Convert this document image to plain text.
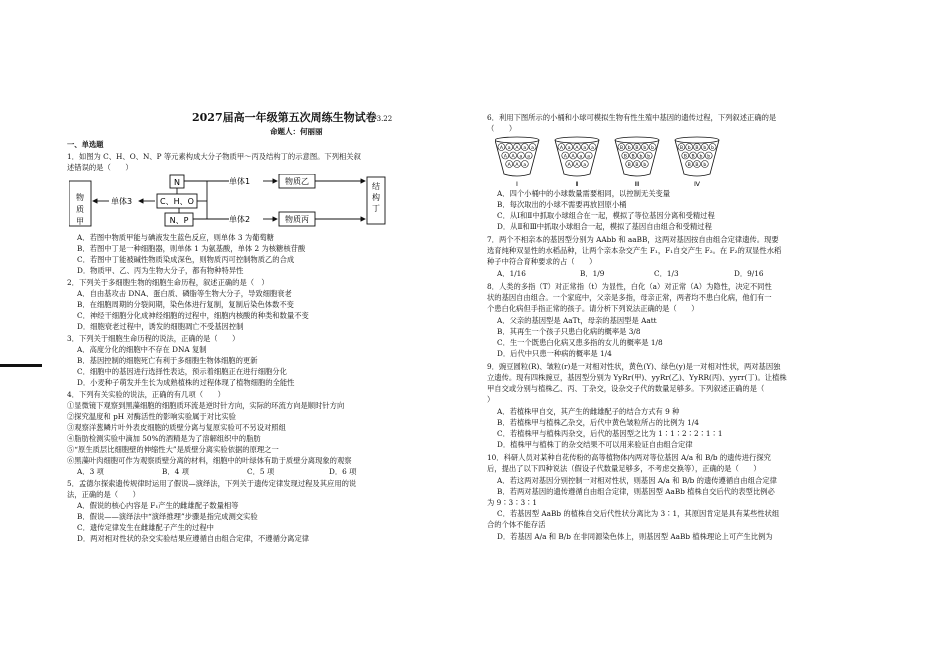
2027届高一年级第五次周练生物试卷3.22
命题人：何丽丽
一、单选题
1．如图为 C、H、O、N、P 等元素构成大分子物质甲～丙及结构丁的示意图。下列相关叙
述错误的是（　　）
物
质
甲
单体3	C、H、O
N
N、P
单体1
单体2
物质乙
物质丙
结
构
丁
A．若图中物质甲能与碘液发生蓝色反应，则单体 3 为葡萄糖
B．若图中丁是一种细胞器，则单体 1 为氨基酸，单体 2 为核糖核苷酸
C．若图中丁能被碱性物质染成深色，则物质丙可控制物质乙的合成
D．物质甲、乙、丙为生物大分子，都有物种特异性
2．下列关于多细胞生物的细胞生命历程，叙述正确的是（　）
A．自由基攻击 DNA、蛋白质、磷脂等生物大分子，导致细胞衰老
B．在细胞周期的分裂间期，染色体进行复制，复制后染色体数不变
C．神经干细胞分化成神经细胞的过程中，细胞内核酸的种类和数量不变
D．细胞衰老过程中，诱发的细胞凋亡不受基因控制
3．下列关于细胞生命历程的说法，正确的是（　　）
A．高度分化的细胞中不存在 DNA 复制
B．基因控制的细胞死亡有利于多细胞生物体细胞的更新
C．细胞中的基因进行选择性表达，预示着细胞正在进行细胞分化
D．小麦种子萌发并生长为成熟植株的过程体现了植物细胞的全能性
4．下列有关实验的说法，正确的有几项（　　）
①显微镜下观察到黑藻细胞的细胞质环流是逆时针方向，实际的环流方向是顺时针方向
②探究温度和 pH 对酶活性的影响实验属于对比实验
③观察洋葱鳞片叶外表皮细胞的质壁分离与复原实验可不另设对照组
④脂肪检测实验中滴加 50%的酒精是为了溶解组织中的脂肪
⑤“原生质层比细胞壁的伸缩性大”是质壁分离实验依据的原理之一
⑥黑藻叶肉细胞可作为观察质壁分离的材料，细胞中的叶绿体有助于质壁分离现象的观察
A．3 项	B．4 项	C．5 项	D．6 项
5．孟德尔探索遗传规律时运用了假说—演绎法，下列关于遗传定律发现过程及其应用的说
法，正确的是（　　）
A．假说的核心内容是 F₁产生的雌雄配子数量相等
B．假说——演绎法中“演绎推理”步骤是指完成测交实验
C．遗传定律发生在雌雄配子产生的过程中
D．两对相对性状的杂交实验结果应遵循自由组合定律，不遵循分离定律
6．利用下图所示的小桶和小球可模拟生物有性生殖中基因的遗传过程，下列叙述正确的是
（　　）
A a A a a
A A a a
A A a
Ⅰ
A a A a a
A A a a
A A a
Ⅱ
B b B b b
B B b b
B B b
Ⅲ
B b B b b
B B b b
B B b
Ⅳ
A．四个小桶中的小球数量需要相同，以控制无关变量
B．每次取出的小球不需要再放回原小桶
C．从Ⅰ和Ⅱ中抓取小球组合在一起，模拟了等位基因分离和受精过程
D．从Ⅱ和Ⅲ中抓取小球组合一起，模拟了基因自由组合和受精过程
7．两个不相亲本的基因型分别为 AAbb 和 aaBB，这两对基因按自由组合定律遗传。现要
选育纯种双显性的水稻品种，让两个亲本杂交产生 F₁，F₁自交产生 F₂。在 F₂的双显性水稻
种子中符合育种要求的占（　　）
A．1/16	B．1/9	C．1/3	D．9/16
8．人类的多指（T）对正常指（t）为显性，白化（a）对正常（A）为隐性，决定不同性
状的基因自由组合。一个家庭中，父亲是多指，母亲正常，两者均不患白化病，他们有一
个患白化病但手指正常的孩子。请分析下列说法正确的是（　　）
A．父亲的基因型是 AaTt，母亲的基因型是 Aatt
B．其再生一个孩子只患白化病的概率是 3/8
C．生一个既患白化病又患多指的女儿的概率是 1/8
D．后代中只患一种病的概率是 1/4
9．豌豆圆粒(R)、皱粒(r)是一对相对性状，黄色(Y)、绿色(y)是一对相对性状，两对基因独
立遗传。现有四株豌豆，基因型分别为 YyRr(甲)、yyRr(乙)、YyRR(丙)、yyrr(丁)。让植株
甲自交或分别与植株乙、丙、丁杂交，设杂交子代的数量足够多。下列叙述正确的是（
）
A．若植株甲自交，其产生的雌雄配子的结合方式有 9 种
B．若植株甲与植株乙杂交，后代中黄色皱粒所占的比例为 1/4
C．若植株甲与植株丙杂交，后代的基因型之比为 1∶1∶2∶2∶1∶1
D．植株甲与植株丁的杂交结果不可以用来验证自由组合定律
10．科研人员对某种自花传粉的高等植物体内两对等位基因 A/a 和 B/b 的遗传进行探究
后，提出了以下四种说法（假设子代数量足够多，不考虑交换等），正确的是（　　）
A．若这两对基因分别控制一对相对性状，则基因 A/a 和 B/b 的遗传遵循自由组合定律
B．若两对基因的遗传遵循自由组合定律，则基因型 AaBb 植株自交后代的表型比例必
为 9∶3∶3∶1
C．若基因型 AaBb 的植株自交后代性状分离比为 3∶1，其原因肯定是具有某些性状组
合的个体不能存活
D．若基因 A/a 和 B/b 在非同源染色体上，则基因型 AaBb 植株理论上可产生比例为
